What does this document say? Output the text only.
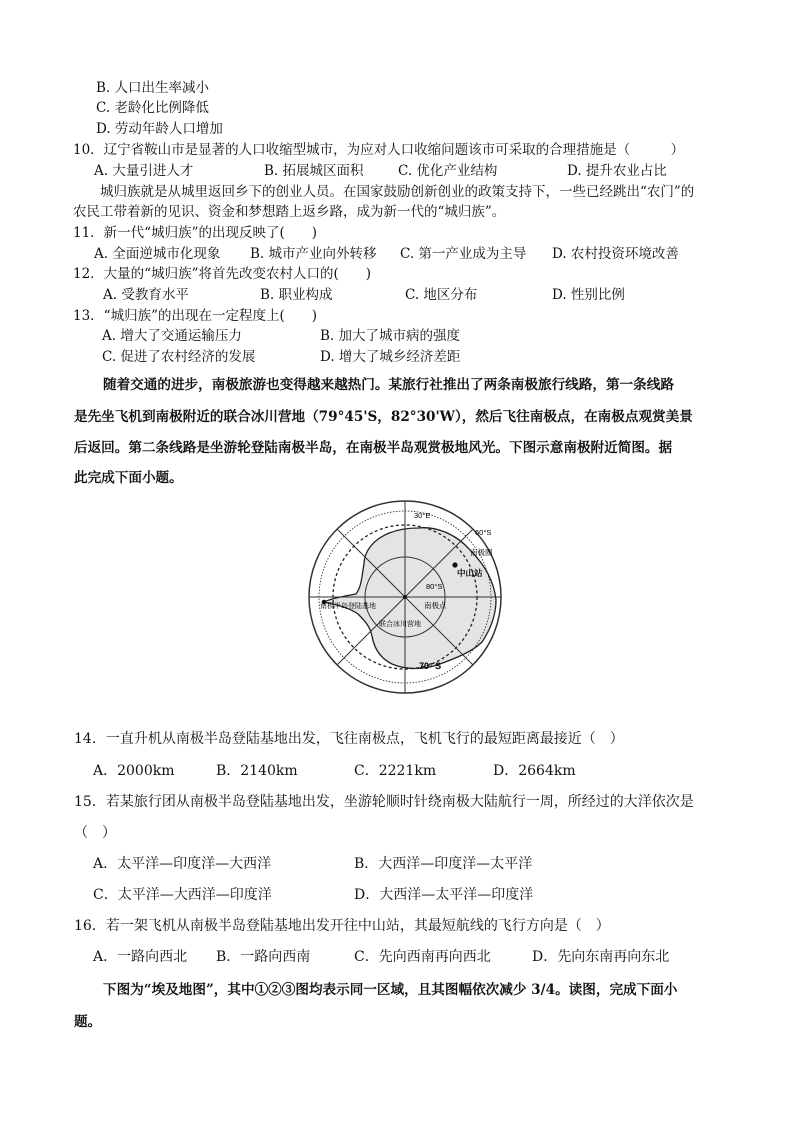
B. 人口出生率减小
C. 老龄化比例降低
D. 劳动年龄人口增加
10．辽宁省鞍山市是显著的人口收缩型城市，为应对人口收缩问题该市可采取的合理措施是（　　　）
A. 大量引进人才	B. 拓展城区面积	C. 优化产业结构	D. 提升农业占比
城归族就是从城里返回乡下的创业人员。在国家鼓励创新创业的政策支持下，一些已经跳出“农门”的
农民工带着新的见识、资金和梦想踏上返乡路，成为新一代的“城归族”。
11．新一代“城归族”的出现反映了(　　)
A. 全面逆城市化现象 B. 城市产业向外转移 C. 第一产业成为主导 D. 农村投资环境改善
12．大量的“城归族”将首先改变农村人口的(　　)
A. 受教育水平	B. 职业构成	C. 地区分布	D. 性别比例
13．“城归族”的出现在一定程度上(　　)
A. 增大了交通运输压力	B. 加大了城市病的强度
C. 促进了农村经济的发展	D. 增大了城乡经济差距
随着交通的进步，南极旅游也变得越来越热门。某旅行社推出了两条南极旅行线路，第一条线路
是先坐飞机到南极附近的联合冰川营地（79°45'S，82°30'W），然后飞往南极点，在南极点观赏美景
后返回。第二条线路是坐游轮登陆南极半岛，在南极半岛观赏极地风光。下图示意南极附近简图。据
此完成下面小题。
30°E
60°S
南极圈
中山站
80°S
南极半岛登陆基地	南极点
联合冰川营地
70° S
14．一直升机从南极半岛登陆基地出发，飞往南极点，飞机飞行的最短距离最接近（　）
A．2000km	B．2140km	C．2221km	D．2664km
15．若某旅行团从南极半岛登陆基地出发，坐游轮顺时针绕南极大陆航行一周，所经过的大洋依次是
（　）
A．太平洋—印度洋—大西洋	B．大西洋—印度洋—太平洋
C．太平洋—大西洋—印度洋	D．大西洋—太平洋—印度洋
16．若一架飞机从南极半岛登陆基地出发开往中山站，其最短航线的飞行方向是（　）
A．一路向西北 B．一路向西南	C．先向西南再向西北	D．先向东南再向东北
下图为“埃及地图”，其中①②③图均表示同一区域，且其图幅依次减少 3/4。读图，完成下面小
题。
